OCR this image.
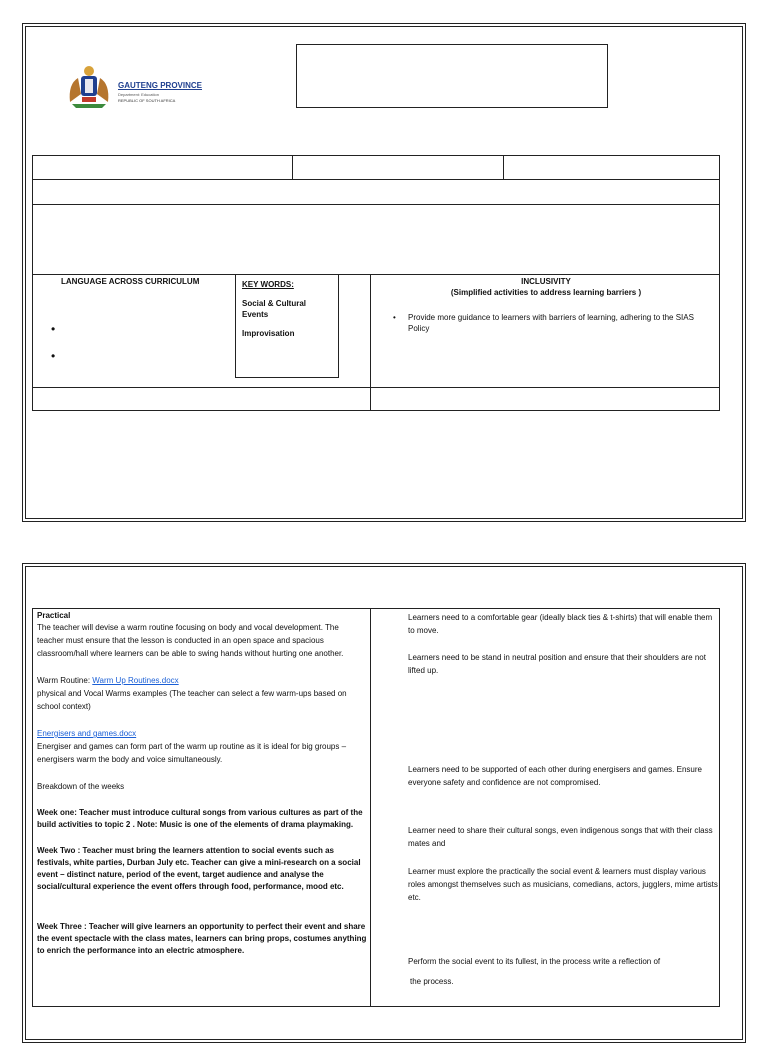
GAUTENG PROVINCE
Department: Education
REPUBLIC OF SOUTH AFRICA
LANGUAGE ACROSS CURRICULUM
•
•
KEY WORDS:
Social & Cultural Events
Improvisation
INCLUSIVITY
(Simplified activities to address learning barriers )
• Provide more guidance to learners with barriers of learning, adhering to the SIAS Policy

Practical

The teacher will devise a warm routine focusing on body and vocal development. The teacher must ensure that the lesson is conducted in an open space and spacious classroom/hall where learners can be able to swing hands without hurting one another.

Warm Routine: Warm Up Routines.docx

physical and Vocal Warms examples (The teacher can select a few warm-ups based on school context)

Energisers and games.docx

Energiser and games can form part of the warm up routine as it is ideal for big groups – energisers warm the body and voice simultaneously.

Breakdown of the weeks

Week one: Teacher must introduce cultural songs from various cultures as part of the build activities to topic 2 . Note: Music is one of the elements of drama playmaking.

Week Two : Teacher must bring the learners attention to social events such as festivals, white parties, Durban July etc. Teacher can give a mini-research on a social event – distinct nature, period of the event, target audience and analyse the social/cultural experience the event offers through food, performance, mood etc.

Week Three : Teacher will give learners an opportunity to perfect their event and share the event spectacle with the class mates, learners can bring props, costumes anything to enrich the performance into an electric atmosphere.

Learners need to a comfortable gear (ideally black ties & t-shirts) that will enable them to move.
Learners need to be stand in neutral position and ensure that their shoulders are not lifted up.
Learners need to be supported of each other during energisers and games. Ensure everyone safety and confidence are not compromised.
Learner need to share their cultural songs, even indigenous songs that with their class mates and
Learner must explore the practically the social event & learners must display various roles amongst themselves such as musicians, comedians, actors, jugglers, mime artists etc.
Perform the social event to its fullest, in the process write a reflection of
the process.
